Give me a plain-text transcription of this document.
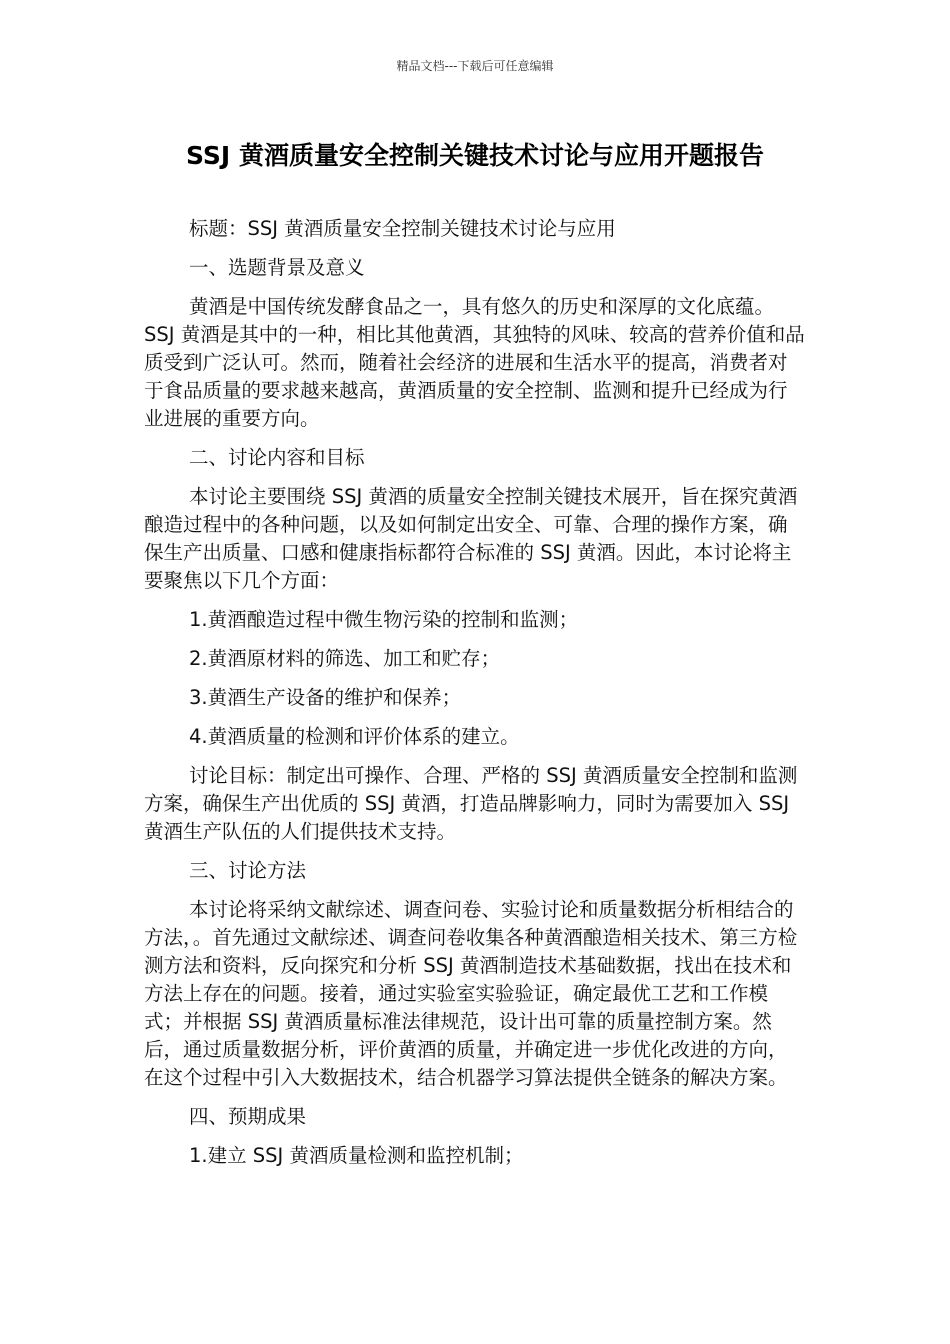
精品文档---下载后可任意编辑
SSJ 黄酒质量安全控制关键技术讨论与应用开题报告

标题：SSJ 黄酒质量安全控制关键技术讨论与应用

一、选题背景及意义

黄酒是中国传统发酵食品之一，具有悠久的历史和深厚的文化底蕴。 SSJ 黄酒是其中的一种，相比其他黄酒，其独特的风味、较高的营养价值和品质受到广泛认可。然而，随着社会经济的进展和生活水平的提高，消费者对于食品质量的要求越来越高，黄酒质量的安全控制、监测和提升已经成为行业进展的重要方向。

二、讨论内容和目标

本讨论主要围绕 SSJ 黄酒的质量安全控制关键技术展开，旨在探究黄酒酿造过程中的各种问题，以及如何制定出安全、可靠、合理的操作方案，确保生产出质量、口感和健康指标都符合标准的 SSJ 黄酒。因此，本讨论将主要聚焦以下几个方面：

1.黄酒酿造过程中微生物污染的控制和监测；

2.黄酒原材料的筛选、加工和贮存；

3.黄酒生产设备的维护和保养；

4.黄酒质量的检测和评价体系的建立。

讨论目标：制定出可操作、合理、严格的 SSJ 黄酒质量安全控制和监测方案，确保生产出优质的 SSJ 黄酒，打造品牌影响力，同时为需要加入 SSJ 黄酒生产队伍的人们提供技术支持。

三、讨论方法

本讨论将采纳文献综述、调查问卷、实验讨论和质量数据分析相结合的方法，。首先通过文献综述、调查问卷收集各种黄酒酿造相关技术、第三方检测方法和资料，反向探究和分析 SSJ 黄酒制造技术基础数据，找出在技术和方法上存在的问题。接着，通过实验室实验验证，确定最优工艺和工作模式；并根据 SSJ 黄酒质量标准法律规范，设计出可靠的质量控制方案。然后，通过质量数据分析，评价黄酒的质量，并确定进一步优化改进的方向，在这个过程中引入大数据技术，结合机器学习算法提供全链条的解决方案。

四、预期成果

1.建立 SSJ 黄酒质量检测和监控机制；
